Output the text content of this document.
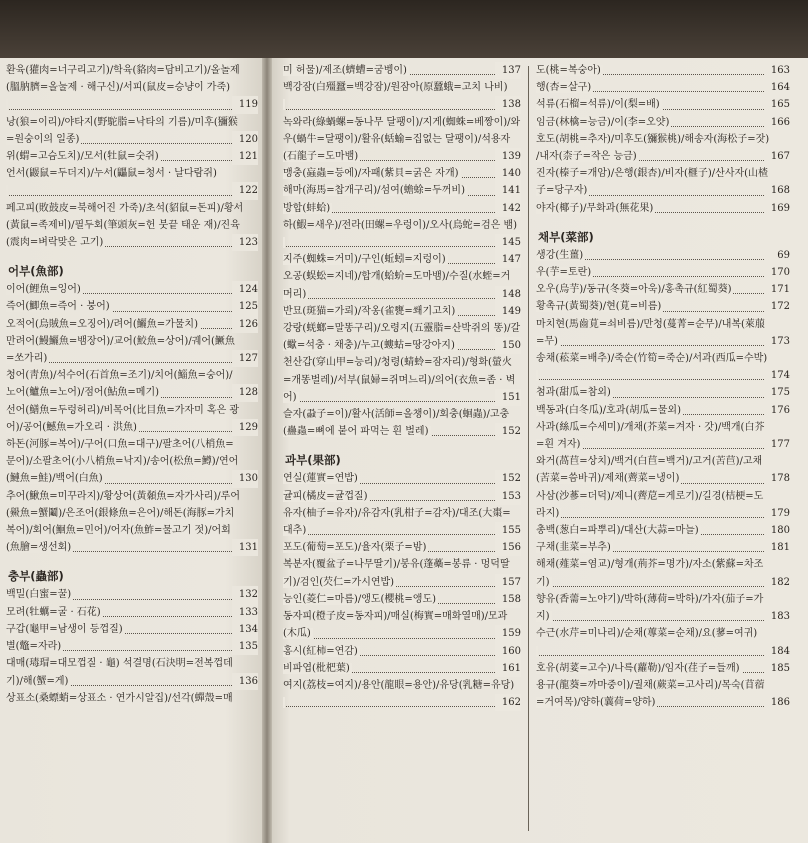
환육(獾肉=너구리고기)/학육(貉肉=담비고기)/올놀제
(膃肭臍=올눌제 · 해구신)/서피(鼠皮=승냥이 가죽)
119
낭(狼=이리)/야타지(野駝脂=낙타의 기름)/미후(獼猴
=원숭이의 일종)	120
위(蝟=고슴도치)/모서(牡鼠=숫쥐)	121
언서(鼹鼠=두더지)/누서(鼺鼠=청서 · 날다람쥐)
122
페고피(敗鼓皮=북해어진 가죽)/초석(貂鼠=돈피)/황서
(黃鼠=족제비)/필두회(筆頭灰=헌 붓끝 태운 재)/진육
(震肉=벼락맞은 고기)	123
어부(魚部)
이어(鯉魚=잉어)	124
즉어(鯽魚=즉어 · 붕어)	125
오적어(烏賊魚=오징어)/려어(鱺魚=가물치)	126
만려어(鰻鱺魚=뱀장어)/교어(鮫魚=상어)/궤어(鱖魚
=쏘가리)	127
청어(靑魚)/석수어(石首魚=조기)/치어(鯔魚=숭어)/
노어(鱸魚=노어)/점어(鮎魚=메기)	128
선어(鱔魚=두렁허리)/비목어(比目魚=가자미 혹은 광
어)/공어(鱤魚=가오리 · 洪魚)	129
하돈(河豚=복어)/구어(口魚=대구)/팔초어(八梢魚=
문어)/소팔초어(小八梢魚=낙지)/송어(松魚=鱒)/연어
(鰱魚=鮭)/백어(白魚)	130
추어(鰍魚=미꾸라지)/황상어(黃顙魚=자가사리)/루어
(鱟魚=蟹鬮)/은조어(銀條魚=은어)/해돈(海豚=가치
복어)/회어(鮰魚=민어)/어자(魚鮓=물고기 젓)/어회
(魚膾=생선회)	131
충부(蟲部)
백밀(白蜜=꿀)	132
모려(牡蠣=굴 · 石花)	133
구갑(龜甲=남생이 등껍질)	134
별(鼈=자라)	135
대매(瑇瑁=대모껍질 · 龜) 석결명(石決明=전복껍데
기)/해(蟹=게)	136
상표소(桑螵蛸=상표소 · 연가시알집)/선각(蟬殼=매
미 허물)/제조(蠐螬=굼벵이)	137
백강잠(白殭蠶=백강잠)/원잠아(原蠶蛾=고치 나비)
138
녹와라(綠蝸螺=동나무 달팽이)/지게(蜘蛛=베짱이)/와
우(蝸牛=달팽이)/활유(蛞蝓=집없는 달팽이)/석용자
(石龍子=도마뱀)	139
맹충(蝱蟲=등에)/자패(紫貝=굵은 자개)	140
해마(海馬=찹개구리)/섬여(蟾蜍=두꺼비)	141
방합(蚌蛤)	142
하(鰕=새우)/전라(田螺=우렁이)/오사(烏蛇=검은 뱀)
145
지주(蜘蛛=거미)/구인(蚯蚓=지렁이)	147
오공(蜈蚣=지네)/합개(蛤蚧=도마뱀)/수질(水蛭=거
머리)	148
반묘(斑猫=가뢰)/작옹(雀甕=쐐기고치)	149
강랑(蜣螂=말똥구리)/오령지(五靈脂=산박쥐의 똥)/갈
(蠍=석충 · 채충)/누고(螻蛄=땅강아지)	150
천산갑(穿山甲=능리)/청령(蜻蛉=잠자리)/형화(螢火
=개똥벌레)/서부(鼠婦=쥐며느리)/의어(衣魚=좀 · 벽
어)	151
슬자(蝨子=이)/활사(活師=올챙이)/회충(蛔蟲)/고충
(蠱蟲=뼈에 붙어 파먹는 흰 벌레)	152
과부(果部)
연실(蓮實=연밥)	152
귤피(橘皮=귤껍질)	153
유자(柚子=유자)/유감자(乳柑子=감자)/대조(大棗=
대추)	155
포도(葡萄=포도)/율자(栗子=밤)	156
복분자(覆盆子=나무딸기)/봉유(蓬蘽=봉류 · 멍덕딸
기)/검인(芡仁=가시연밥)	157
능인(菱仁=마름)/앵도(櫻桃=앵도)	158
동자피(橙子皮=동자피)/매실(梅實=매화열매)/모과
(木瓜)	159
홍시(紅柿=연감)	160
비파엽(枇杷葉)	161
여지(荔枝=여지)/용안(龍眼=용안)/유당(乳糖=유당)
162
도(桃=복숭아)	163
행(杏=살구)	164
석류(石榴=석류)/이(梨=배)	165
임금(林檎=능금)/이(李=오얏)	166
호도(胡桃=추자)/미후도(獼猴桃)/해송자(海松子=잣)
/내자(柰子=작은 능금)	167
진자(榛子=개암)/은행(銀杏)/비자(榧子)/산사자(山楂
子=당구자)	168
야자(椰子)/무화과(無花果)	169
채부(菜部)
생강(生薑)	69
우(芋=토란)	170
오우(烏芋)/동규(冬葵=아욱)/홍촉규(紅蜀葵)	171
황촉규(黃蜀葵)/현(莧=비름)	172
마치현(馬齒莧=쇠비름)/만청(蔓菁=순무)/내복(萊菔
=무)	173
송채(菘菜=배추)/죽순(竹筍=죽순)/서과(西瓜=수박)
174
첨과(甜瓜=참외)	175
백동과(白冬瓜)/호과(胡瓜=물외)	176
사과(絲瓜=수세미)/개채(芥菜=겨자 · 갓)/백개(白芥
=흰 겨자)	177
와거(萵苣=상치)/백거(白苣=백거)/고거(苦苣)/고채
(苦菜=씀바귀)/제채(薺菜=냉이)	178
사삼(沙蔘=더덕)/제니(薺苨=게로기)/길경(桔梗=도
라지)	179
총백(葱白=파뿌리)/대산(大蒜=마늘)	180
구채(韭菜=부추)	181
해채(薤菜=염교)/형개(荊芥=명가)/자소(紫蘇=차조
기)	182
향유(香薷=노야기)/박하(薄荷=박하)/가자(茄子=가
지)	183
수근(水芹=미나리)/순채(蓴菜=순채)/요(蓼=여귀)
184
호유(胡荽=고수)/나륵(蘿勒)/임자(荏子=들깨)	185
용규(龍葵=까마중이)/궐채(蕨菜=고사리)/목숙(苜蓿
=거여목)/양하(蘘荷=양하)	186
